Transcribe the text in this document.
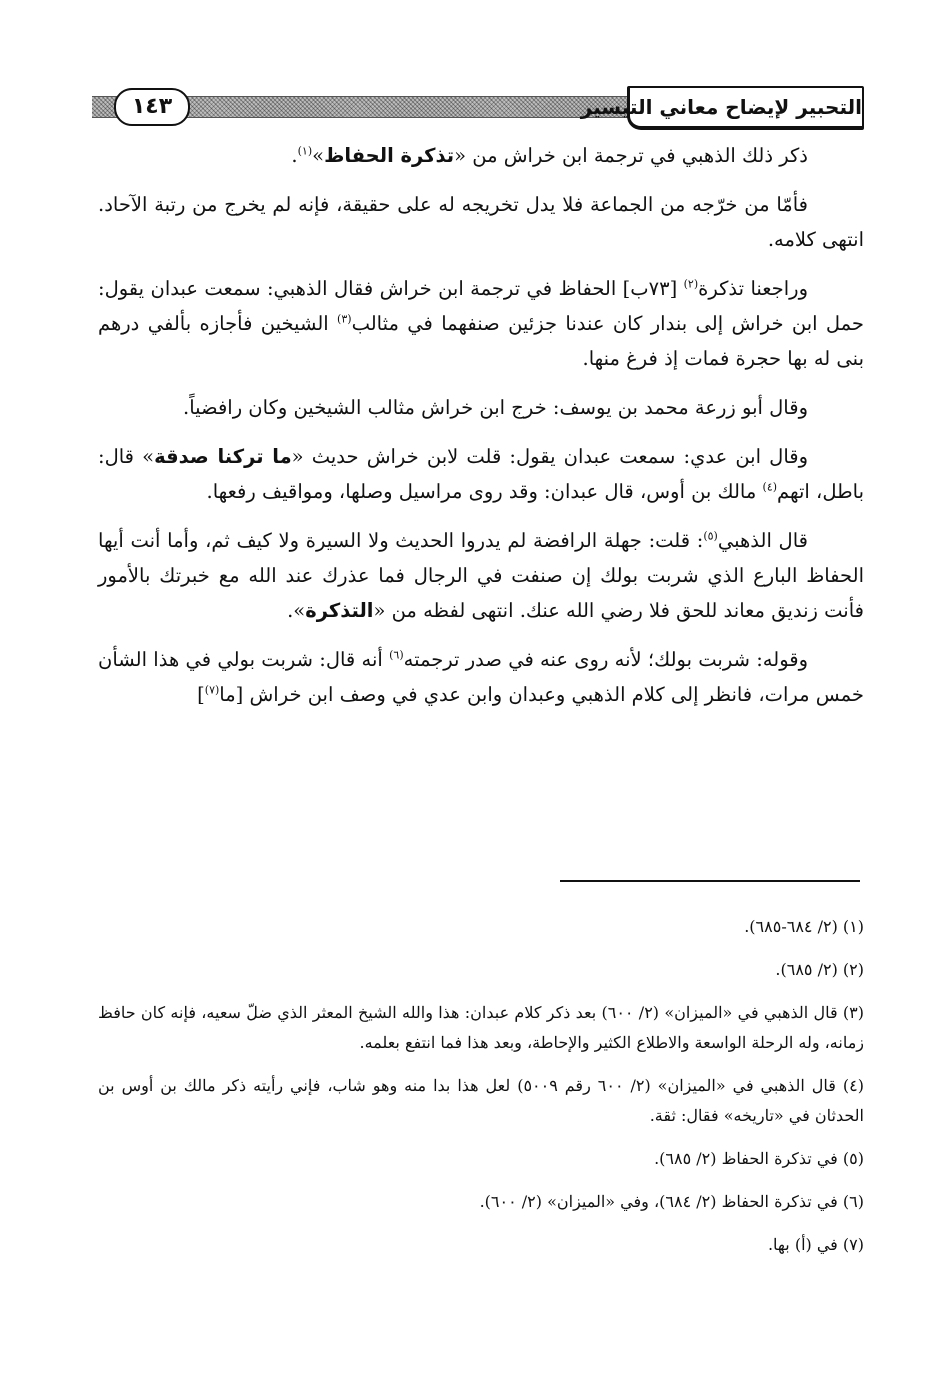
١٤٣	التحبير لإيضاح معاني التيسير

ذكر ذلك الذهبي في ترجمة ابن خراش من «تذكرة الحفاظ»$^{(١)}$.

فأمّا من خرّجه من الجماعة فلا يدل تخريجه له على حقيقة، فإنه لم يخرج من رتبة الآحاد. انتهى كلامه.

وراجعنا تذكرة$^{(٢)}$ [٧٣ب] الحفاظ في ترجمة ابن خراش فقال الذهبي: سمعت عبدان يقول: حمل ابن خراش إلى بندار كان عندنا جزئين صنفهما في مثالب$^{(٣)}$ الشيخين فأجازه بألفي درهم بنى له بها حجرة فمات إذ فرغ منها.

وقال أبو زرعة محمد بن يوسف: خرج ابن خراش مثالب الشيخين وكان رافضياً.

وقال ابن عدي: سمعت عبدان يقول: قلت لابن خراش حديث «ما تركنا صدقة» قال: باطل، اتهم$^{(٤)}$ مالك بن أوس، قال عبدان: وقد روى مراسيل وصلها، ومواقيف رفعها.

قال الذهبي$^{(٥)}$: قلت: جهلة الرافضة لم يدروا الحديث ولا السيرة ولا كيف ثم، وأما أنت أيها الحفاظ البارع الذي شربت بولك إن صنفت في الرجال فما عذرك عند الله مع خبرتك بالأمور فأنت زنديق معاند للحق فلا رضي الله عنك. انتهى لفظه من «التذكرة».

وقوله: شربت بولك؛ لأنه روى عنه في صدر ترجمته$^{(٦)}$ أنه قال: شربت بولي في هذا الشأن خمس مرات، فانظر إلى كلام الذهبي وعبدان وابن عدي في وصف ابن خراش [ما$^{(٧)}$]

(١) (٢/ ٦٨٤-٦٨٥).

(٢) (٢/ ٦٨٥).

(٣) قال الذهبي في «الميزان» (٢/ ٦٠٠) بعد ذكر كلام عبدان: هذا والله الشيخ المعثر الذي ضلّ سعيه، فإنه كان حافظ زمانه، وله الرحلة الواسعة والاطلاع الكثير والإحاطة، وبعد هذا فما انتفع بعلمه.

(٤) قال الذهبي في «الميزان» (٢/ ٦٠٠ رقم ٥٠٠٩) لعل هذا بدا منه وهو شاب، فإني رأيته ذكر مالك بن أوس بن الحدثان في «تاريخه» فقال: ثقة.

(٥) في تذكرة الحفاظ (٢/ ٦٨٥).

(٦) في تذكرة الحفاظ (٢/ ٦٨٤)، وفي «الميزان» (٢/ ٦٠٠).

(٧) في (أ) بها.
